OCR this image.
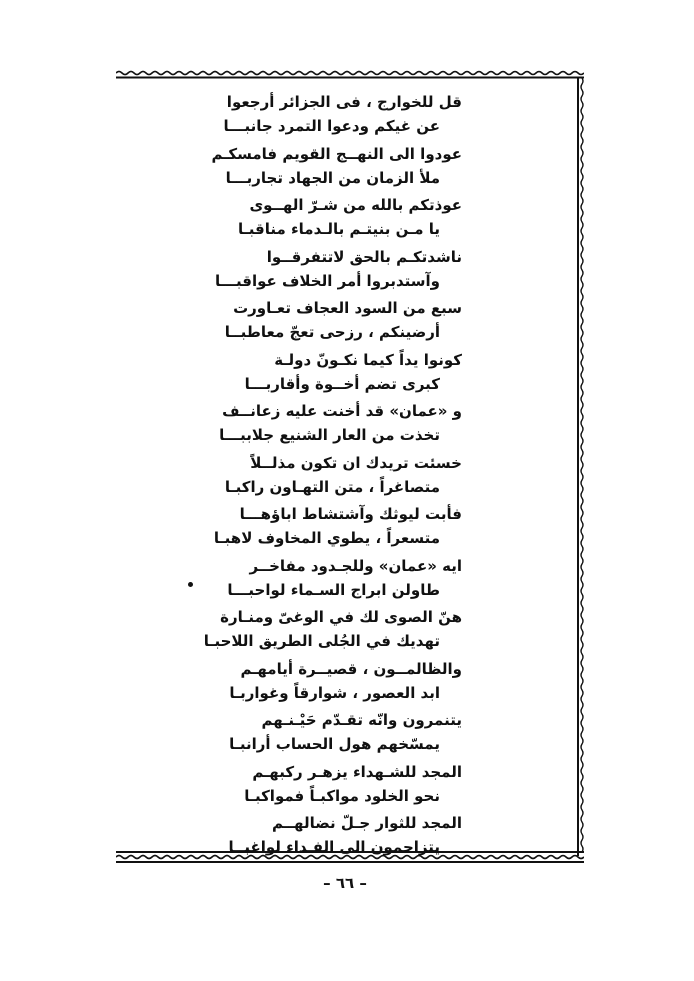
قل للخوارج ، فى الجزائر أرجعوا
عن غيكم ودعوا التمرد جانبـــا
عودوا الى النهــج القويم فامسكـم
ملأ الزمان من الجهاد تجاربـــا
عوذتكم بالله من شـرّ الهــوى
يا مـن بنيتـم بالـدماء مناقبـا
ناشدتكـم بالحق لاتتفرقــوا
وآستدبروا أمر الخلاف عواقبـــا
سبع من السود العجاف تعـاورت
أرضينكم ، رزحى تعجّ معاطبــا
كونوا يداً كيما نكـونّ دولـة
كبرى تضم أخــوة وأقاربـــا
و «عمان» قد أخنت عليه زعانــف
تخذت من العار الشنيع جلاببـــا
خسئت تريدك ان تكون مذلــلاً
متصاغراً ، متن التهـاون راكبـا
فأبت ليوثك وآشتشاط اباؤهـــا
متسعراً ، يطوي المخاوف لاهبـا
ايه «عمان» وللجـدود مفاخــر
طاولن ابراج السـماء لواحبـــا
هنّ الصوى لك في الوغىّ ومنـارة
تهديك في الجُلى الطريق اللاحبـا
والظالمــون ، قصيــرة أيامهـم
ابد العصور ، شوارقاً وغواربـا
يتنمرون وانّه تقـدّم حَيْـنـهم
يمسّخهم هول الحساب أرانبـا
المجد للشـهداء يزهـر ركبهـم
نحو الخلود مواكبـاً فمواكبـا
المجد للثوار جـلّ نضالهــم
يتزاحمون الى الفـداء لواغبــا
– ٦٦ –
